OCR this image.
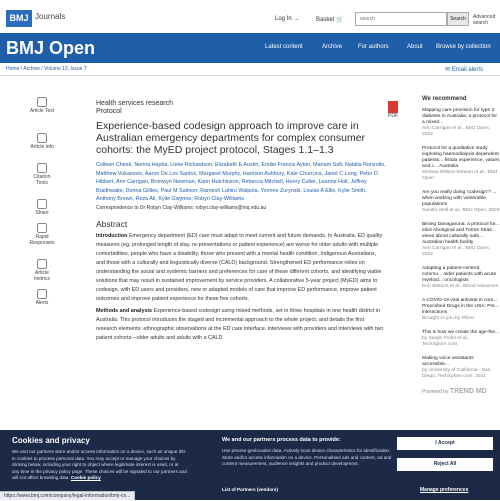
BMJ Journals	Log In →	Basket 🛒
search	Search	Advanced search
BMJ Open	Latest content	Archive	For authors	About Browse by collection
Home / Archive / Volume 13, Issue 7	✉ Email alerts
Article Text
Article info
Citation Tools
Share
Rapid Responses
Article metrics
Alerts
Health services research
Protocol
Experience-based codesign approach to improve care in Australian emergency departments for complex consumer cohorts: the MyED project protocol, Stages 1.1–1.3
Colleen Cheek, Nerina Hayba, Lieke Richardson, Elizabeth E Austin, Emilie Francis Ayton, Mariam Safi, Natália Ronzolin, Matthew Vukasovic, Aaron De Los Santos, Margaret Murphy, Harrison Ashbury, Kate Churruca, Janet C Long, Peter D Hibbert, Ann Carrigan, Bronwyn Newman, Karin Hutchinson, Rebecca Mitchell, Henry Cutler, Leanne Holt, Jeffrey Braithwaite, Donna Gillies, Paul M Salmon, Ramesh Lahiru Walpola, Yvonne Zurynski, Louise A Ellis, Kylie Smith, Anthony Brown, Reza Ali, Kylie Gwynne, Robyn Clay-Williams
Correspondence to Dr Robyn Clay-Williams; robyn.clay-williams@mq.edu.au
Abstract
Introduction Emergency department (ED) care must adapt to meet current and future demands. In Australia, ED quality measures (eg, prolonged length of stay, re-presentations or patient experience) are worse for older adults with multiple comorbidities, people who have a disability, those who present with a mental health condition, Indigenous Australians, and those with a culturally and linguistically diverse (CALD) background. Strengthened ED performance relies on understanding the social and systemic barriers and preferences for care of these different cohorts, and identifying viable solutions that may result in sustained improvement by service providers. A collaborative 5-year project (MyED) aims to codesign, with ED users and providers, new or adapted models of care that improve ED performance, improve patient outcomes and improve patient experience for these five cohorts.
Methods and analysis Experience-based codesign using mixed methods, set in three hospitals in one health district in Australia. This protocol introduces the staged and incremental approach to the whole project, and details the first research elements: ethnographic observations at the ED care interface, interviews with providers and interviews with two patient cohorts—older adults and adults with a CALD
PDF
We recommend
Mapping care provision for type 2 diabetes in Australia: a protocol for a mixed...
Ann Carrigan et al., BMJ Open, 2022
Protocol for a qualitative study exploring haemodialysis dependent patients... fistula experience, values and c... Australia
Melissa Wilson-Stewart et al., BMJ Open
Are you really doing 'codesign'? ... when working with vulnerable populations
Sandra Moll et al., BMJ Open, 2020
Birang Danagaruna: a protocol for... elicit Aboriginal and Torres Strait... views about culturally safe... Australian health facility
Ann Carrigan et al., BMJ Open, 2022
Adapting a patient-centred commu... older patients with acute myeloid... oncologists
Erin Watson et al., Blood Advances
A COVID-19 viral antiviral in com... Prescribed Drugs in the USA: Pot... interactions
Brought to you by Pfizer
This is how we create the age-frie...
by Sanjib Podel et al., TechXplore.com
Making voice assistants accessible...
by University of California - San Diego, TechXplore.com, 2021
Powered by TREND MD
Cookies and privacy
We and our partners store and/or access information on a device, such as unique IDs in cookies to process personal data. You may accept or manage your choices by clicking below, including your right to object where legitimate interest is used, or at any time in the privacy policy page. These choices will be signaled to our partners and will not affect browsing data. Cookie policy
We and our partners process data to provide:
Use precise geolocation data. Actively scan device characteristics for identification. Store and/or access information on a device. Personalised ads and content, ad and content measurement, audience insights and product development.
List of Partners (vendors)
I Accept
Reject All
Manage preferences
https://www.bmj.com/company/legal-information/bmj-co...
